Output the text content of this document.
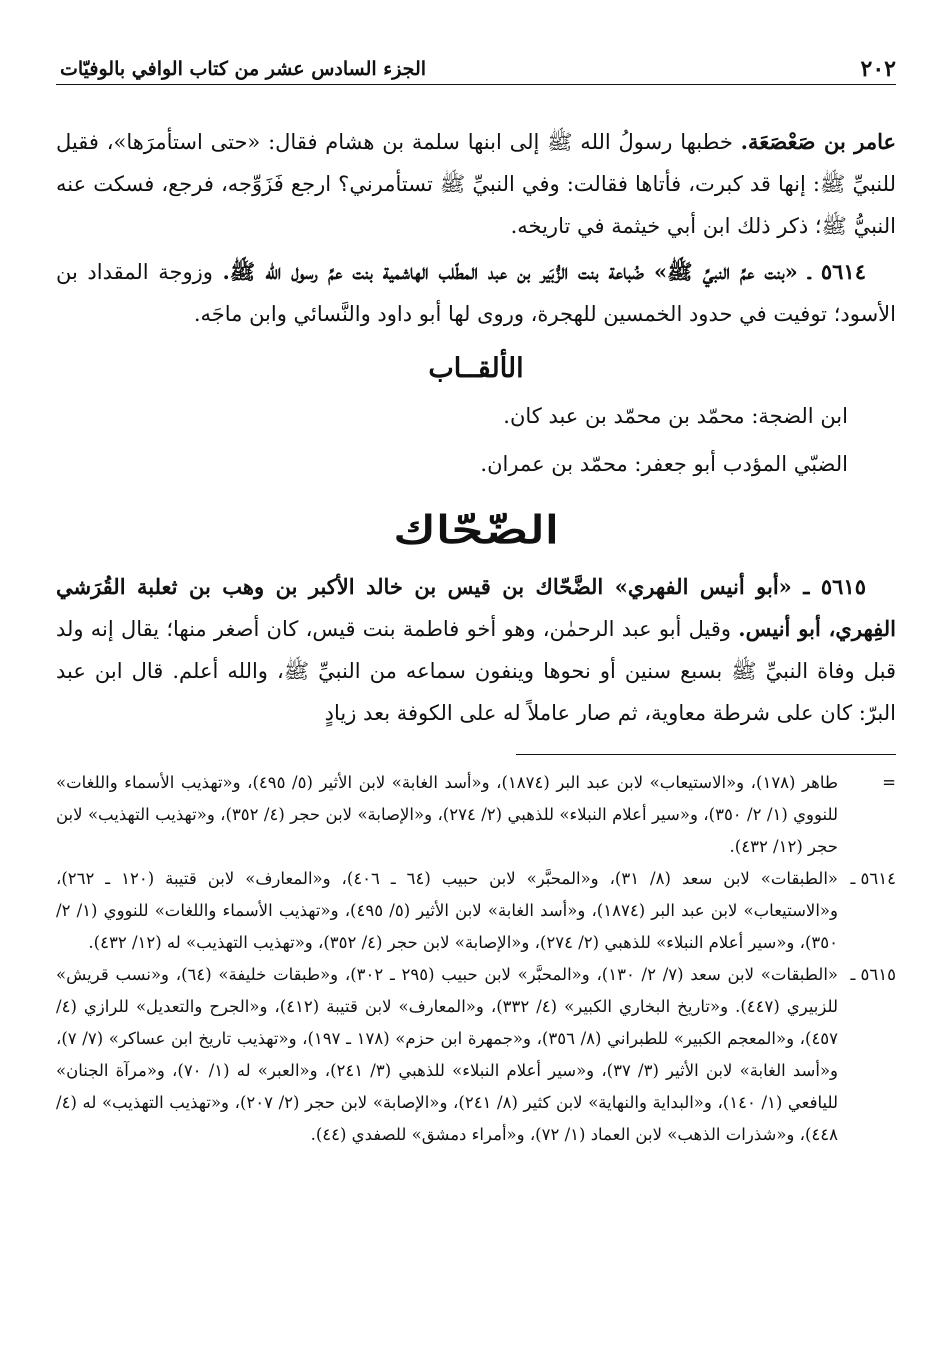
٢٠٢
الجزء السادس عشر من كتاب الوافي بالوفيّات

عامر بن صَعْصَعَة. خطبها رسولُ الله ﷺ إلى ابنها سلمة بن هشام فقال: «حتى استأمرَها»، فقيل للنبيِّ ﷺ: إنها قد كبرت، فأتاها فقالت: وفي النبيِّ ﷺ تستأمرني؟ ارجع فَزَوِّجه، فرجع، فسكت عنه النبيُّ ﷺ؛ ذكر ذلك ابن أبي خيثمة في تاريخه.

٥٦١٤ ـ «بنت عمِّ النبيِّ ﷺ» ضُباعة بنت الزُّبَير بن عبد المطّلب الهاشمية بنت عمِّ رسول الله ﷺ. وزوجة المقداد بن الأسود؛ توفيت في حدود الخمسين للهجرة، وروى لها أبو داود والنَّسائي وابن ماجَه.

الألقــاب
ابن الضجة: محمّد بن محمّد بن عبد كان.
الضبّي المؤدب أبو جعفر: محمّد بن عمران.
الضّحّاك

٥٦١٥ ـ «أبو أنيس الفهري» الضَّحّاك بن قيس بن خالد الأكبر بن وهب بن ثعلبة القُرَشي الفِهري، أبو أنيس. وقيل أبو عبد الرحمٰن، وهو أخو فاطمة بنت قيس، كان أصغر منها؛ يقال إنه ولد قبل وفاة النبيِّ ﷺ بسبع سنين أو نحوها وينفون سماعه من النبيِّ ﷺ، والله أعلم. قال ابن عبد البرّ: كان على شرطة معاوية، ثم صار عاملاً له على الكوفة بعد زيادٍ

=
طاهر (١٧٨)، و«الاستيعاب» لابن عبد البر (١٨٧٤)، و«أسد الغابة» لابن الأثير (٥/ ٤٩٥)، و«تهذيب الأسماء واللغات» للنووي (١/ ٢/ ٣٥٠)، و«سير أعلام النبلاء» للذهبي (٢/ ٢٧٤)، و«الإصابة» لابن حجر (٤/ ٣٥٢)، و«تهذيب التهذيب» لابن حجر (١٢/ ٤٣٢).
٥٦١٤ ـ
«الطبقات» لابن سعد (٨/ ٣١)، و«المحبَّر» لابن حبيب (٦٤ ـ ٤٠٦)، و«المعارف» لابن قتيبة (١٢٠ ـ ٢٦٢)، و«الاستيعاب» لابن عبد البر (١٨٧٤)، و«أسد الغابة» لابن الأثير (٥/ ٤٩٥)، و«تهذيب الأسماء واللغات» للنووي (١/ ٢/ ٣٥٠)، و«سير أعلام النبلاء» للذهبي (٢/ ٢٧٤)، و«الإصابة» لابن حجر (٤/ ٣٥٢)، و«تهذيب التهذيب» له (١٢/ ٤٣٢).
٥٦١٥ ـ
«الطبقات» لابن سعد (٧/ ٢/ ١٣٠)، و«المحبَّر» لابن حبيب (٢٩٥ ـ ٣٠٢)، و«طبقات خليفة» (٦٤)، و«نسب قريش» للزبيري (٤٤٧). و«تاريخ البخاري الكبير» (٤/ ٣٣٢)، و«المعارف» لابن قتيبة (٤١٢)، و«الجرح والتعديل» للرازي (٤/ ٤٥٧)، و«المعجم الكبير» للطبراني (٨/ ٣٥٦)، و«جمهرة ابن حزم» (١٧٨ ـ ١٩٧)، و«تهذيب تاريخ ابن عساكر» (٧/ ٧)، و«أسد الغابة» لابن الأثير (٣/ ٣٧)، و«سير أعلام النبلاء» للذهبي (٣/ ٢٤١)، و«العبر» له (١/ ٧٠)، و«مرآة الجنان» لليافعي (١/ ١٤٠)، و«البداية والنهاية» لابن كثير (٨/ ٢٤١)، و«الإصابة» لابن حجر (٢/ ٢٠٧)، و«تهذيب التهذيب» له (٤/ ٤٤٨)، و«شذرات الذهب» لابن العماد (١/ ٧٢)، و«أمراء دمشق» للصفدي (٤٤).
